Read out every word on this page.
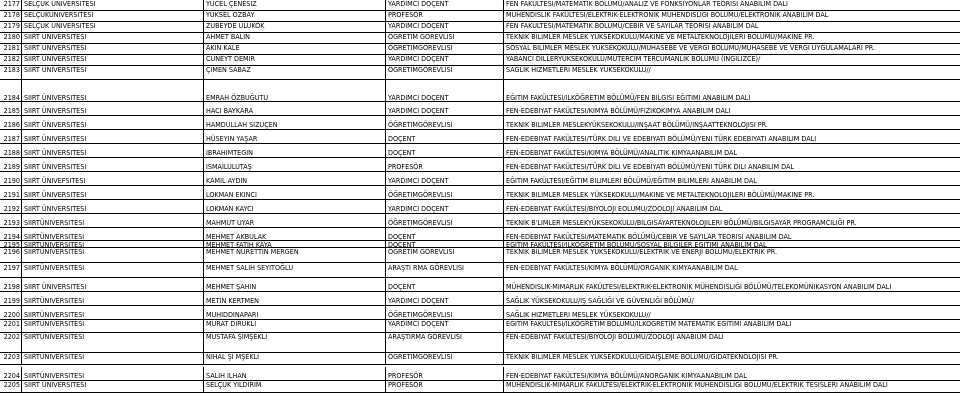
2177 SELÇUK ÜNIVERSITESI	YÜCEL ÇENESIZ	YARDIMCI DOÇENT	FEN FAKÜLTESI/MATEMATIK BÖLÜMÜ/ANALIZ VE FONKSIYONLAR TEORISI ANABILIM DALI
2178 SELÇUKÜNIVERSITESI	YÜKSEL ÖZBAY	PROFESÖR	MÜHENDISLIK FAKÜLTESI/ELEKTRIK-ELEKTRONIK MÜHENDISLIĞI BÖLÜMÜ/ELEKTRONIK ANABILIM DAL
2179 SELÇUK ÜNIVERSITESI	ZÜBEYDE ULUKÖK	YARDIMCI DOÇENT	FEN FAKÜLTESI/MATEMATIK BÖLÜMÜ/CEBIR VE SAYILAR TEORISI ANABILIM DAL
2180 SIIRT ÜNIVERSITESI	AHMET BALIN	ÖĞRETIM GÖREVLISI	TEKNIK BILIMLER MESLEK YÜKSEKOKULU/MAKINE VE METALTEKNOLOJILERI BÖLÜMÜ/MAKINE PR.
2181 SIIRT ÜNIVERSITESI	AKIN KALE	ÖĞRETIMGÖREVLISI	SOSYAL BILIMLER MESLEK YÜKSEKOKULU/MUHASEBE VE VERGI BÖLÜMÜ/MUHASEBE VE VERGI UYGULAMALARI PR.
2182 SIIRT ÜNIVERSITESI	CÜNEYT DEMIR	YARDIMCI DOÇENT	YABANCI DILLERYÜKSEKOKULU/MÜTERCIM TERCÜMANLIK BÖLÜMÜ (INGILIZCE)/
2183 SIIRT ÜNIVERSITESI	ÇIMEN SABAZ	ÖĞRETIMGÖREVLISI	SAĞLIK HIZMETLERI MESLEK YÜKSEKOKULU//
2184 SIIRT ÜNIVERSITESI	EMRAH ÖZBUĞUTU	YARDIMCI DOÇENT	EĞITIM FAKÜLTESI/ILKÖĞRETIM BÖLÜMÜ/FEN BILGISI EĞITIMI ANABILIM DALI
2185 SIIRT ÜNIVERSITESI	HACI BAYKARA	YARDIMCI DOÇENT	FEN-EDEBIYAT FAKÜLTESI/KIMYA BÖLÜMÜ/FIZIKOKIMYA ANABILIM DALI
2186 SIIRT ÜNIVERSITESI	HAMDULLAH SIZUÇEN	ÖĞRETIMGÖREVLISI	TEKNIK BILIMLER MESLEKYÜKSEKOKULU/INŞAAT BÖLÜMÜ/INŞAATTEKNOLOJISI PR.
2187 SIIRT ÜNIVERSITESI	HÜSEYIN YAŞAR	DOÇENT	FEN-EDEBIYAT FAKÜLTESI/TÜRK DILI VE EDEBIYATI BÖLÜMÜ/YENI TÜRK EDEBIYATI ANABILIM DALI
2188 SIIRT ÜNIVERSITESI	IBRAHIMTEGIN	DOÇENT	FEN-EDEBIYAT FAKÜLTESI/KIMYA BÖLÜMÜ/ANALITIK KIMYAANABILIM DAL
2189 SIIRT ÜNIVERSITESI	ISMAILULUTAŞ	PROFESÖR	FEN-EDEBIYAT FAKÜLTESI/TÜRK DILI VE EDEBIYATI BÖLÜMÜ/YENI TÜRK DILI ANABILIM DAL
2190 SIIRT ÜNIVEFSITESI	KAMIL AYDIN	YARDIMCI DOÇENT	EĞITIM FAKÜLTESI/EĞITIM BILIMLERI BÖLÜMÜ/EĞITIM BILIMLERI ANABILIM DAL
2191 SIIRT ÜNIVERSITESI	LOKMAN EKINCI	ÖĞRETIMGÖREVLISI	TEKNIK BILIMLER MESLEK YÜKSEKOKULU/MAKINE VE METALTEKNOLOJILERI BÖLÜMÜ/MAKINE PR.
2192 SIIRT ÜNIVERSITESI	LOKMAN KAYCI	YARDIMCI DOÇENT	FEN-EDEBIYAT FAKÜLTESI/BIYOLOJI EOLUMU/ZOOLOJI ANABILIM DAL
2193 SIIRTÜNIVERSITESI	MAHMUT UYAR	ÖĞRETIMGÖREVLISI	TEKNIK B'LIMLER MESLEKYÜKSEKOKULU/BILGISAYARTEKNOLOJILERI BÖLÜMÜ/BILGISAYAR PROGRAMCILIĞI PR.
2194 SIIRTÜNIVERSITESI	MEHMET AKBULAK	DOÇENT	FEN-EDEBIYAT FAKÜLTESI/MATEMATIK BÖLÜMÜ/CEBIR VE SAYILAR TEORISI ANABILIM DAL
2195 SIIRTÜNIVERSITESI	MEHMET FATIH KAYA	DOÇENT	EĞITIM FAKÜLTESI/ILKÖĞRETIM BÖLÜMÜ/SOSYAL BILGILER EĞITIMI ANABILIM DAL
2196 SIIRTÜNIVERSITESI	MEHMET NURETTIN MERGEN	ÖĞRETIM GÖREVLISI	TEKNIK BILIMLER MESLEK YÜKSEKOKULU/ELEKTRIK VE ENERJI BÖLÜMÜ/ELEKTRIK PR.
2197 SIIRTÜNIVERSITESI	MEHMET SALIH SEYITOĞLU	ARAŞTI RMA GÖREVLISI	FEN-EDEBIYAT FAKÜLTESI/KIMYA BÖLÜMÜ/ORGANIK KIMYAANABILIM DAL
2198 SIIRT ÜNIVERSITESI	MEHMET ŞAHIN	DOÇENT	MÜHENDISLIK-MIMARLIK FAKÜLTESI/ELEKTRIK-ELEKTRONIK MÜHENDISLIĞI BÖLÜMÜ/TELEKOMÜNIKASYON ANABILIM DALI
2199 SIIRTÜNIVERSITESI	METIN KERTMEN	YARDIMCI DOÇENT	SAĞLIK YÜKSEKOKULU/IŞ SAĞLIĞI VE GÜVENLIĞI BÖLÜMÜ/
2200 SIIRTÜNIVERSITESI	MUHIDDINAPARI	ÖĞRETIMGÖREVLISI	SAĞLIK HIZMETLERI MESLEK YÜKSEKOKULU//
2201 SIIRTÜNIVERSITESI	MURAT DIRUKLI	YARDIMCI DOÇENT	EĞITIM FAKÜLTESI/ILKÖGRETIM BÖLÜMÜ/ILKÖĞRETIM MATEMATIK EĞITIMI ANABILIM DALI
2202 SIIRTÜNIVERSITESI	MUSTAFA ŞIMŞEKLI	ARAŞTIRMA GÖREVLISI	FEN-EDEBIYAT FAKÜLTESI/BIYOLOJI BÖLÜMÜ/ZOOLOJI ANABIUM DALI
2203 SIIRTÜNIVERSITESI	NIHAL ŞI MŞEKLI	ÖĞRETIMGÖREVLISI	TEKNIK BILIMLER MESLEK YÜKSEKOKULU/GIDAIŞLEME BÖLÜMÜ/GIDATEKNOLOJISI PR.
2204 SIIRTÜNIVERSITESI	SALIH ILHAN	PROFESÖR	FEN-EDEBIYAT FAKÜLTESI/KIMYA BÖLÜMÜ/ANORGANIK KIMYAANABILIM DAL
2205 SIIRT ÜNIVERSITESI	SELÇUK YILDIRIM	PROFESÖR	MÜHENDISLIK-MIMARLIK FAKÜLTESI/ELEKTRIK-ELEKTRONIK MÜHENDISLIĞI BÖLÜMÜ/ELEKTRIK TESISLERI ANABILIM DALI
